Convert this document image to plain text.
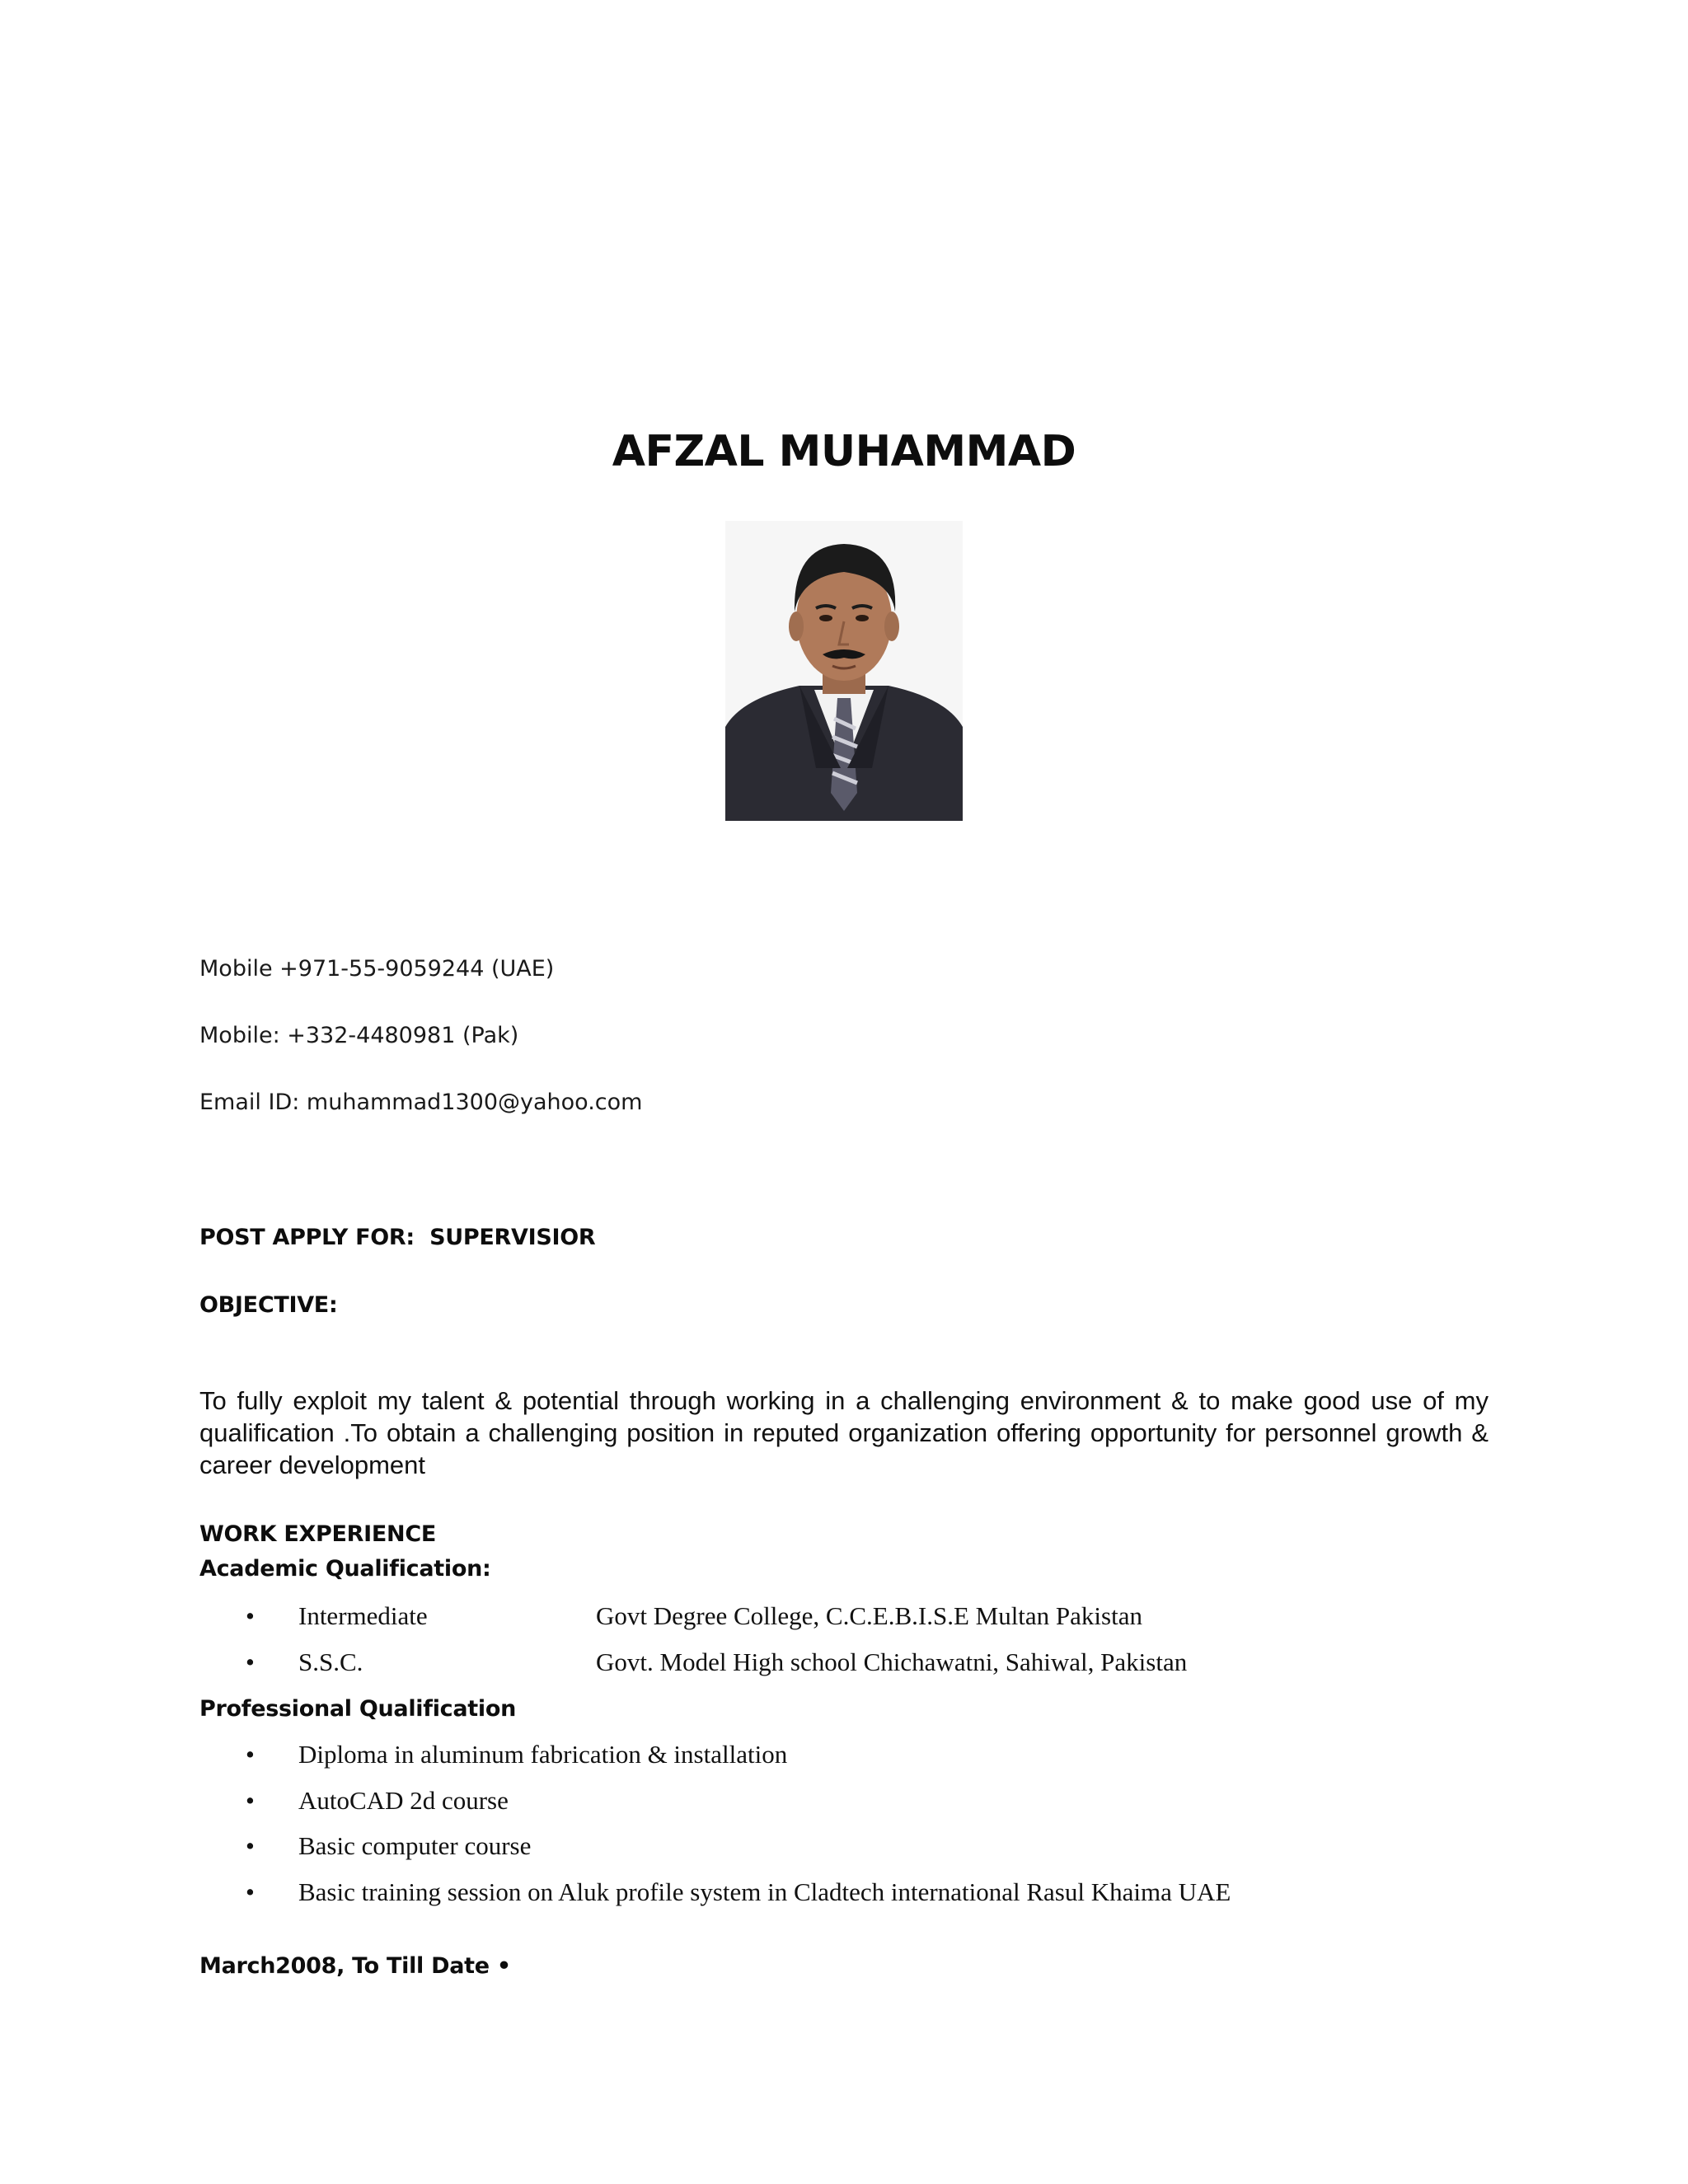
AFZAL MUHAMMAD
Mobile +971-55-9059244 (UAE)
Mobile: +332-4480981 (Pak)
Email ID: muhammad1300@yahoo.com
POST APPLY FOR:  SUPERVISIOR
OBJECTIVE:
To fully exploit my talent & potential through working in a challenging environment & to make good use of my qualification .To obtain a challenging position in reputed organization offering opportunity for personnel growth & career development
WORK EXPERIENCE
Academic Qualification:
• Intermediate	Govt Degree College, C.C.E.B.I.S.E Multan Pakistan
• S.S.C.	Govt. Model High school Chichawatni, Sahiwal, Pakistan
Professional Qualification
• Diploma in aluminum fabrication & installation
• AutoCAD 2d course
• Basic computer course
• Basic training session on Aluk profile system in Cladtech international Rasul Khaima UAE
March2008, To Till Date •
